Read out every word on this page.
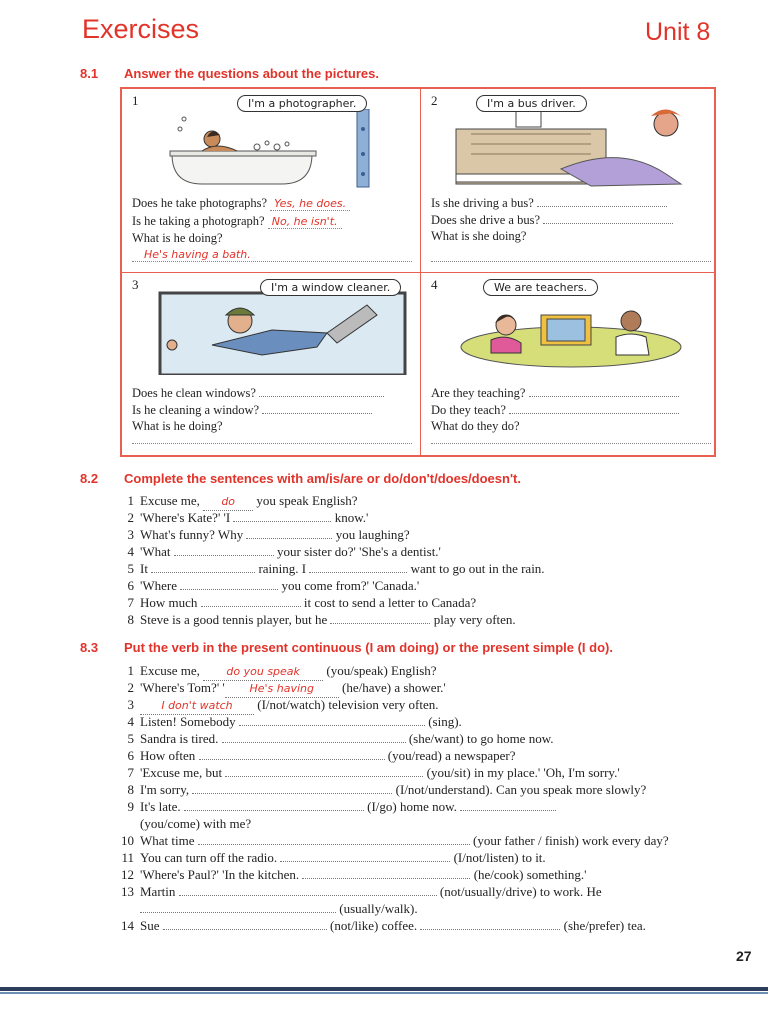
Exercises	Unit 8
8.1 Answer the questions about the pictures.
1	I'm a photographer.
Does he take photographs? Yes, he does.
Is he taking a photograph? No, he isn't.
What is he doing?
He's having a bath.
2	I'm a bus driver.
Is she driving a bus?
Does she drive a bus?
What is she doing?
3	I'm a window cleaner.
Does he clean windows?
Is he cleaning a window?
What is he doing?
4	We are teachers.
Are they teaching?
Do they teach?
What do they do?
8.2 Complete the sentences with am/is/are or do/don't/does/doesn't.
1 Excuse me, do you speak English?
2 'Where's Kate?' 'I	know.'
3 What's funny? Why	you laughing?
4 'What	your sister do?' 'She's a dentist.'
5 It	raining. I	want to go out in the rain.
6 'Where	you come from?' 'Canada.'
7 How much	it cost to send a letter to Canada?
8 Steve is a good tennis player, but he	play very often.
8.3 Put the verb in the present continuous (I am doing) or the present simple (I do).
1 Excuse me, do you speak (you/speak) English?
2 'Where's Tom?' ' He's having (he/have) a shower.'
3 I don't watch (I/not/watch) television very often.
4 Listen! Somebody	(sing).
5 Sandra is tired.	(she/want) to go home now.
6 How often	(you/read) a newspaper?
7 'Excuse me, but	(you/sit) in my place.' 'Oh, I'm sorry.'
8 I'm sorry,	(I/not/understand). Can you speak more slowly?
9 It's late.	(I/go) home now.
(you/come) with me?
10 What time	(your father / finish) work every day?
11 You can turn off the radio.	(I/not/listen) to it.
12 'Where's Paul?' 'In the kitchen.	(he/cook) something.'
13 Martin	(not/usually/drive) to work. He
(usually/walk).
14 Sue	(not/like) coffee.	(she/prefer) tea.
27
